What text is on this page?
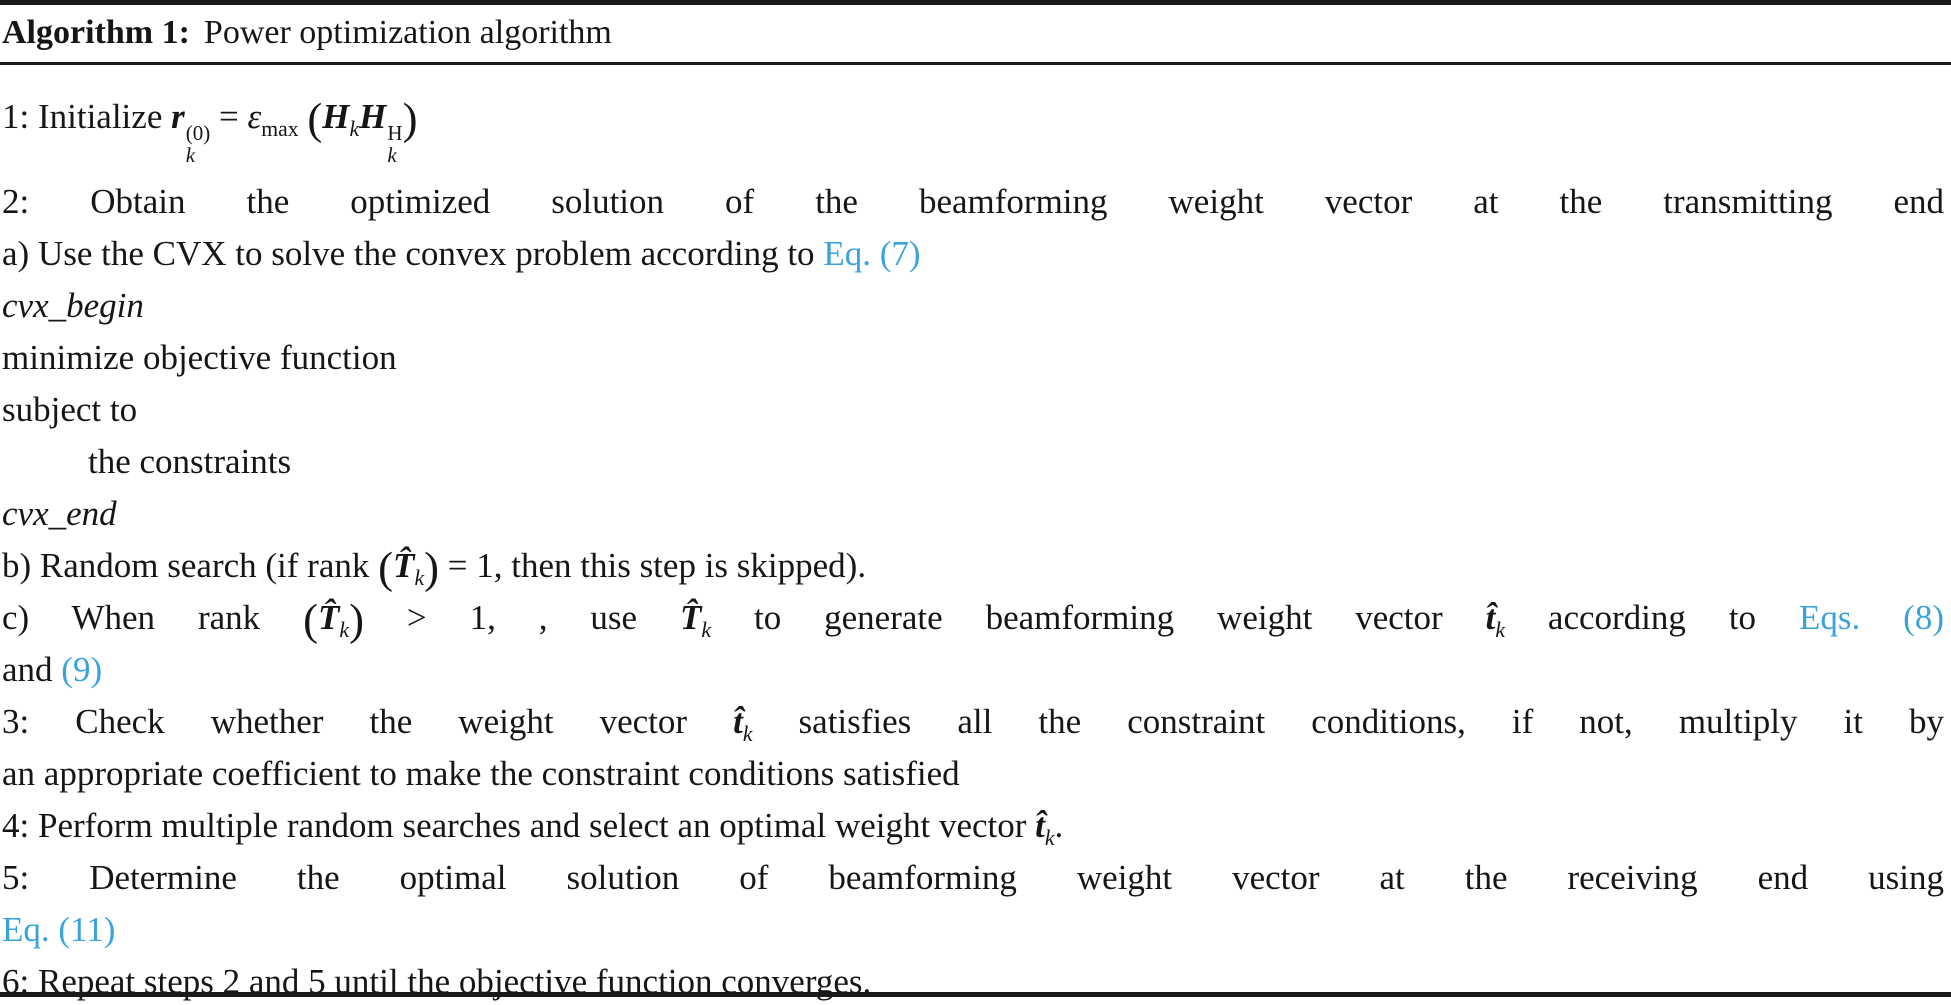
Algorithm 1: Power optimization algorithm
1: Initialize r (0)
k
= $\varepsilon_{max}$ ($H_kH$ H
k
)
2: Obtain the optimized solution of the beamforming weight vector at the transmitting end
a) Use the CVX to solve the convex problem according to Eq. (7)
cvx_begin
minimize objective function
subject to
the constraints
cvx_end
b) Random search (if rank $(T̂_k) = 1$, then this step is skipped).
c) When rank $(T̂_k) > 1$, , use $T̂_k$ to generate beamforming weight vector $t̂_k$ according to Eqs. (8)
and (9)
3: Check whether the weight vector $t̂_k$ satisfies all the constraint conditions, if not, multiply it by
an appropriate coefficient to make the constraint conditions satisfied
4: Perform multiple random searches and select an optimal weight vector $t̂_k$.
5: Determine the optimal solution of beamforming weight vector at the receiving end using
Eq. (11)
6: Repeat steps 2 and 5 until the objective function converges.
